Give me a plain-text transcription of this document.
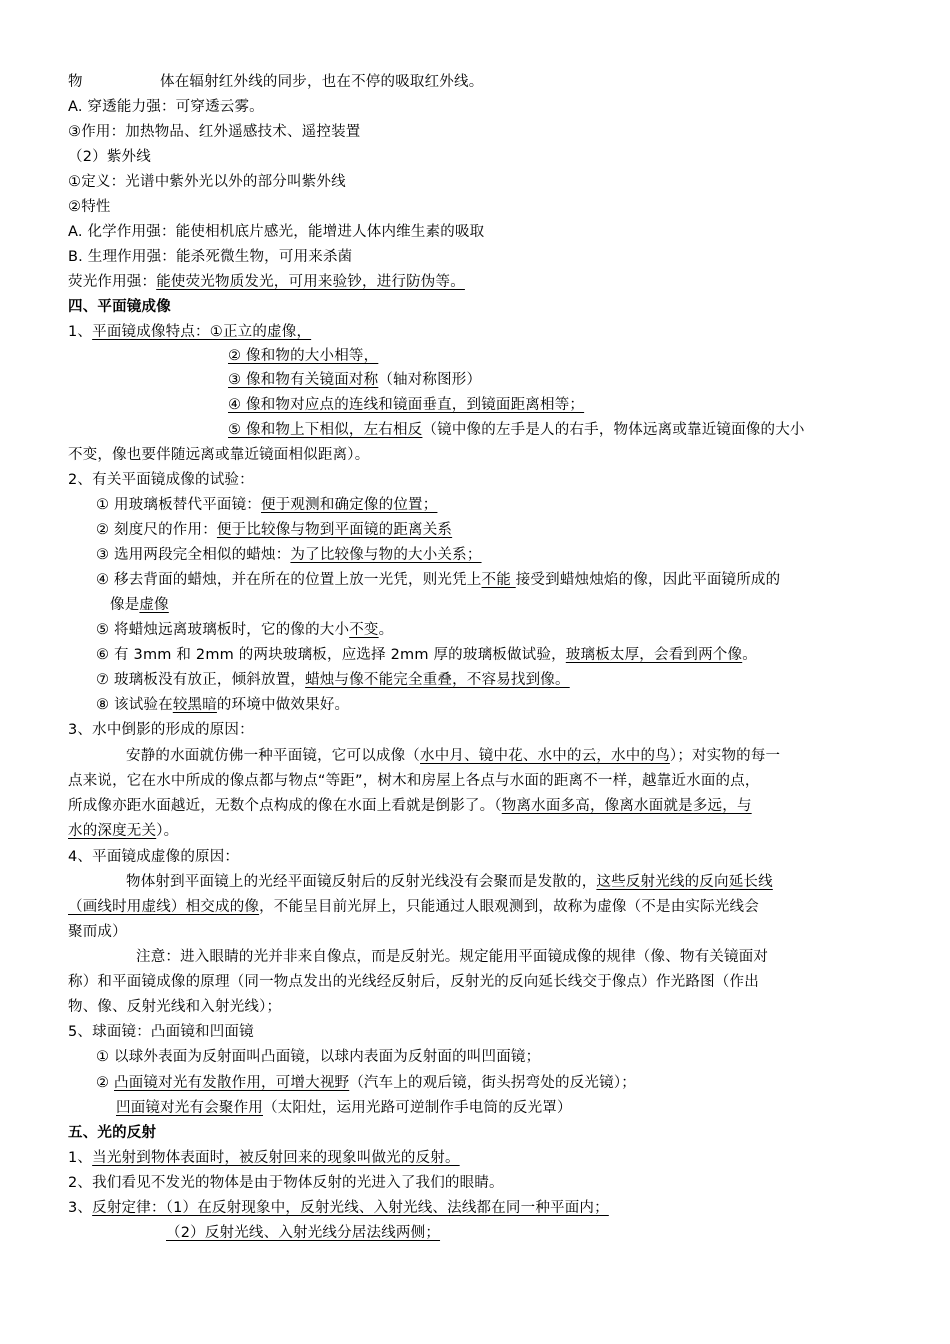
物	体在辐射红外线的同步，也在不停的吸取红外线。
A. 穿透能力强：可穿透云雾。
③作用：加热物品、红外遥感技术、遥控装置
（2）紫外线
①定义：光谱中紫外光以外的部分叫紫外线
②特性
A. 化学作用强：能使相机底片感光，能增进人体内维生素的吸取
B. 生理作用强：能杀死微生物，可用来杀菌
荧光作用强：能使荧光物质发光，可用来验钞，进行防伪等。
四、平面镜成像
1、平面镜成像特点：①正立的虚像，
② 像和物的大小相等，
③ 像和物有关镜面对称（轴对称图形）
④ 像和物对应点的连线和镜面垂直，到镜面距离相等；
⑤ 像和物上下相似，左右相反（镜中像的左手是人的右手，物体远离或靠近镜面像的大小
不变，像也要伴随远离或靠近镜面相似距离）。
2、有关平面镜成像的试验：
① 用玻璃板替代平面镜：便于观测和确定像的位置；
② 刻度尺的作用：便于比较像与物到平面镜的距离关系
③ 选用两段完全相似的蜡烛：为了比较像与物的大小关系；
④ 移去背面的蜡烛，并在所在的位置上放一光凭，则光凭上不能 接受到蜡烛烛焰的像，因此平面镜所成的
像是虚像
⑤ 将蜡烛远离玻璃板时，它的像的大小不变。
⑥ 有 3mm 和 2mm 的两块玻璃板，应选择 2mm 厚的玻璃板做试验，玻璃板太厚，会看到两个像。
⑦ 玻璃板没有放正，倾斜放置，蜡烛与像不能完全重叠，不容易找到像。
⑧ 该试验在较黑暗的环境中做效果好。
3、水中倒影的形成的原因：
安静的水面就仿佛一种平面镜，它可以成像（水中月、镜中花、水中的云，水中的鸟）；对实物的每一
点来说，它在水中所成的像点都与物点“等距”，树木和房屋上各点与水面的距离不一样，越靠近水面的点，
所成像亦距水面越近，无数个点构成的像在水面上看就是倒影了。（物离水面多高，像离水面就是多远，与
水的深度无关）。
4、平面镜成虚像的原因：
物体射到平面镜上的光经平面镜反射后的反射光线没有会聚而是发散的，这些反射光线的反向延长线
（画线时用虚线）相交成的像，不能呈目前光屏上，只能通过人眼观测到，故称为虚像（不是由实际光线会
聚而成）
注意：进入眼睛的光并非来自像点，而是反射光。规定能用平面镜成像的规律（像、物有关镜面对
称）和平面镜成像的原理（同一物点发出的光线经反射后，反射光的反向延长线交于像点）作光路图（作出
物、像、反射光线和入射光线）；
5、球面镜：凸面镜和凹面镜
① 以球外表面为反射面叫凸面镜，以球内表面为反射面的叫凹面镜；
② 凸面镜对光有发散作用，可增大视野（汽车上的观后镜，街头拐弯处的反光镜）；
凹面镜对光有会聚作用（太阳灶，运用光路可逆制作手电筒的反光罩）
五、光的反射
1、当光射到物体表面时，被反射回来的现象叫做光的反射。
2、我们看见不发光的物体是由于物体反射的光进入了我们的眼睛。
3、反射定律：（1）在反射现象中，反射光线、入射光线、法线都在同一种平面内；
（2）反射光线、入射光线分居法线两侧；
